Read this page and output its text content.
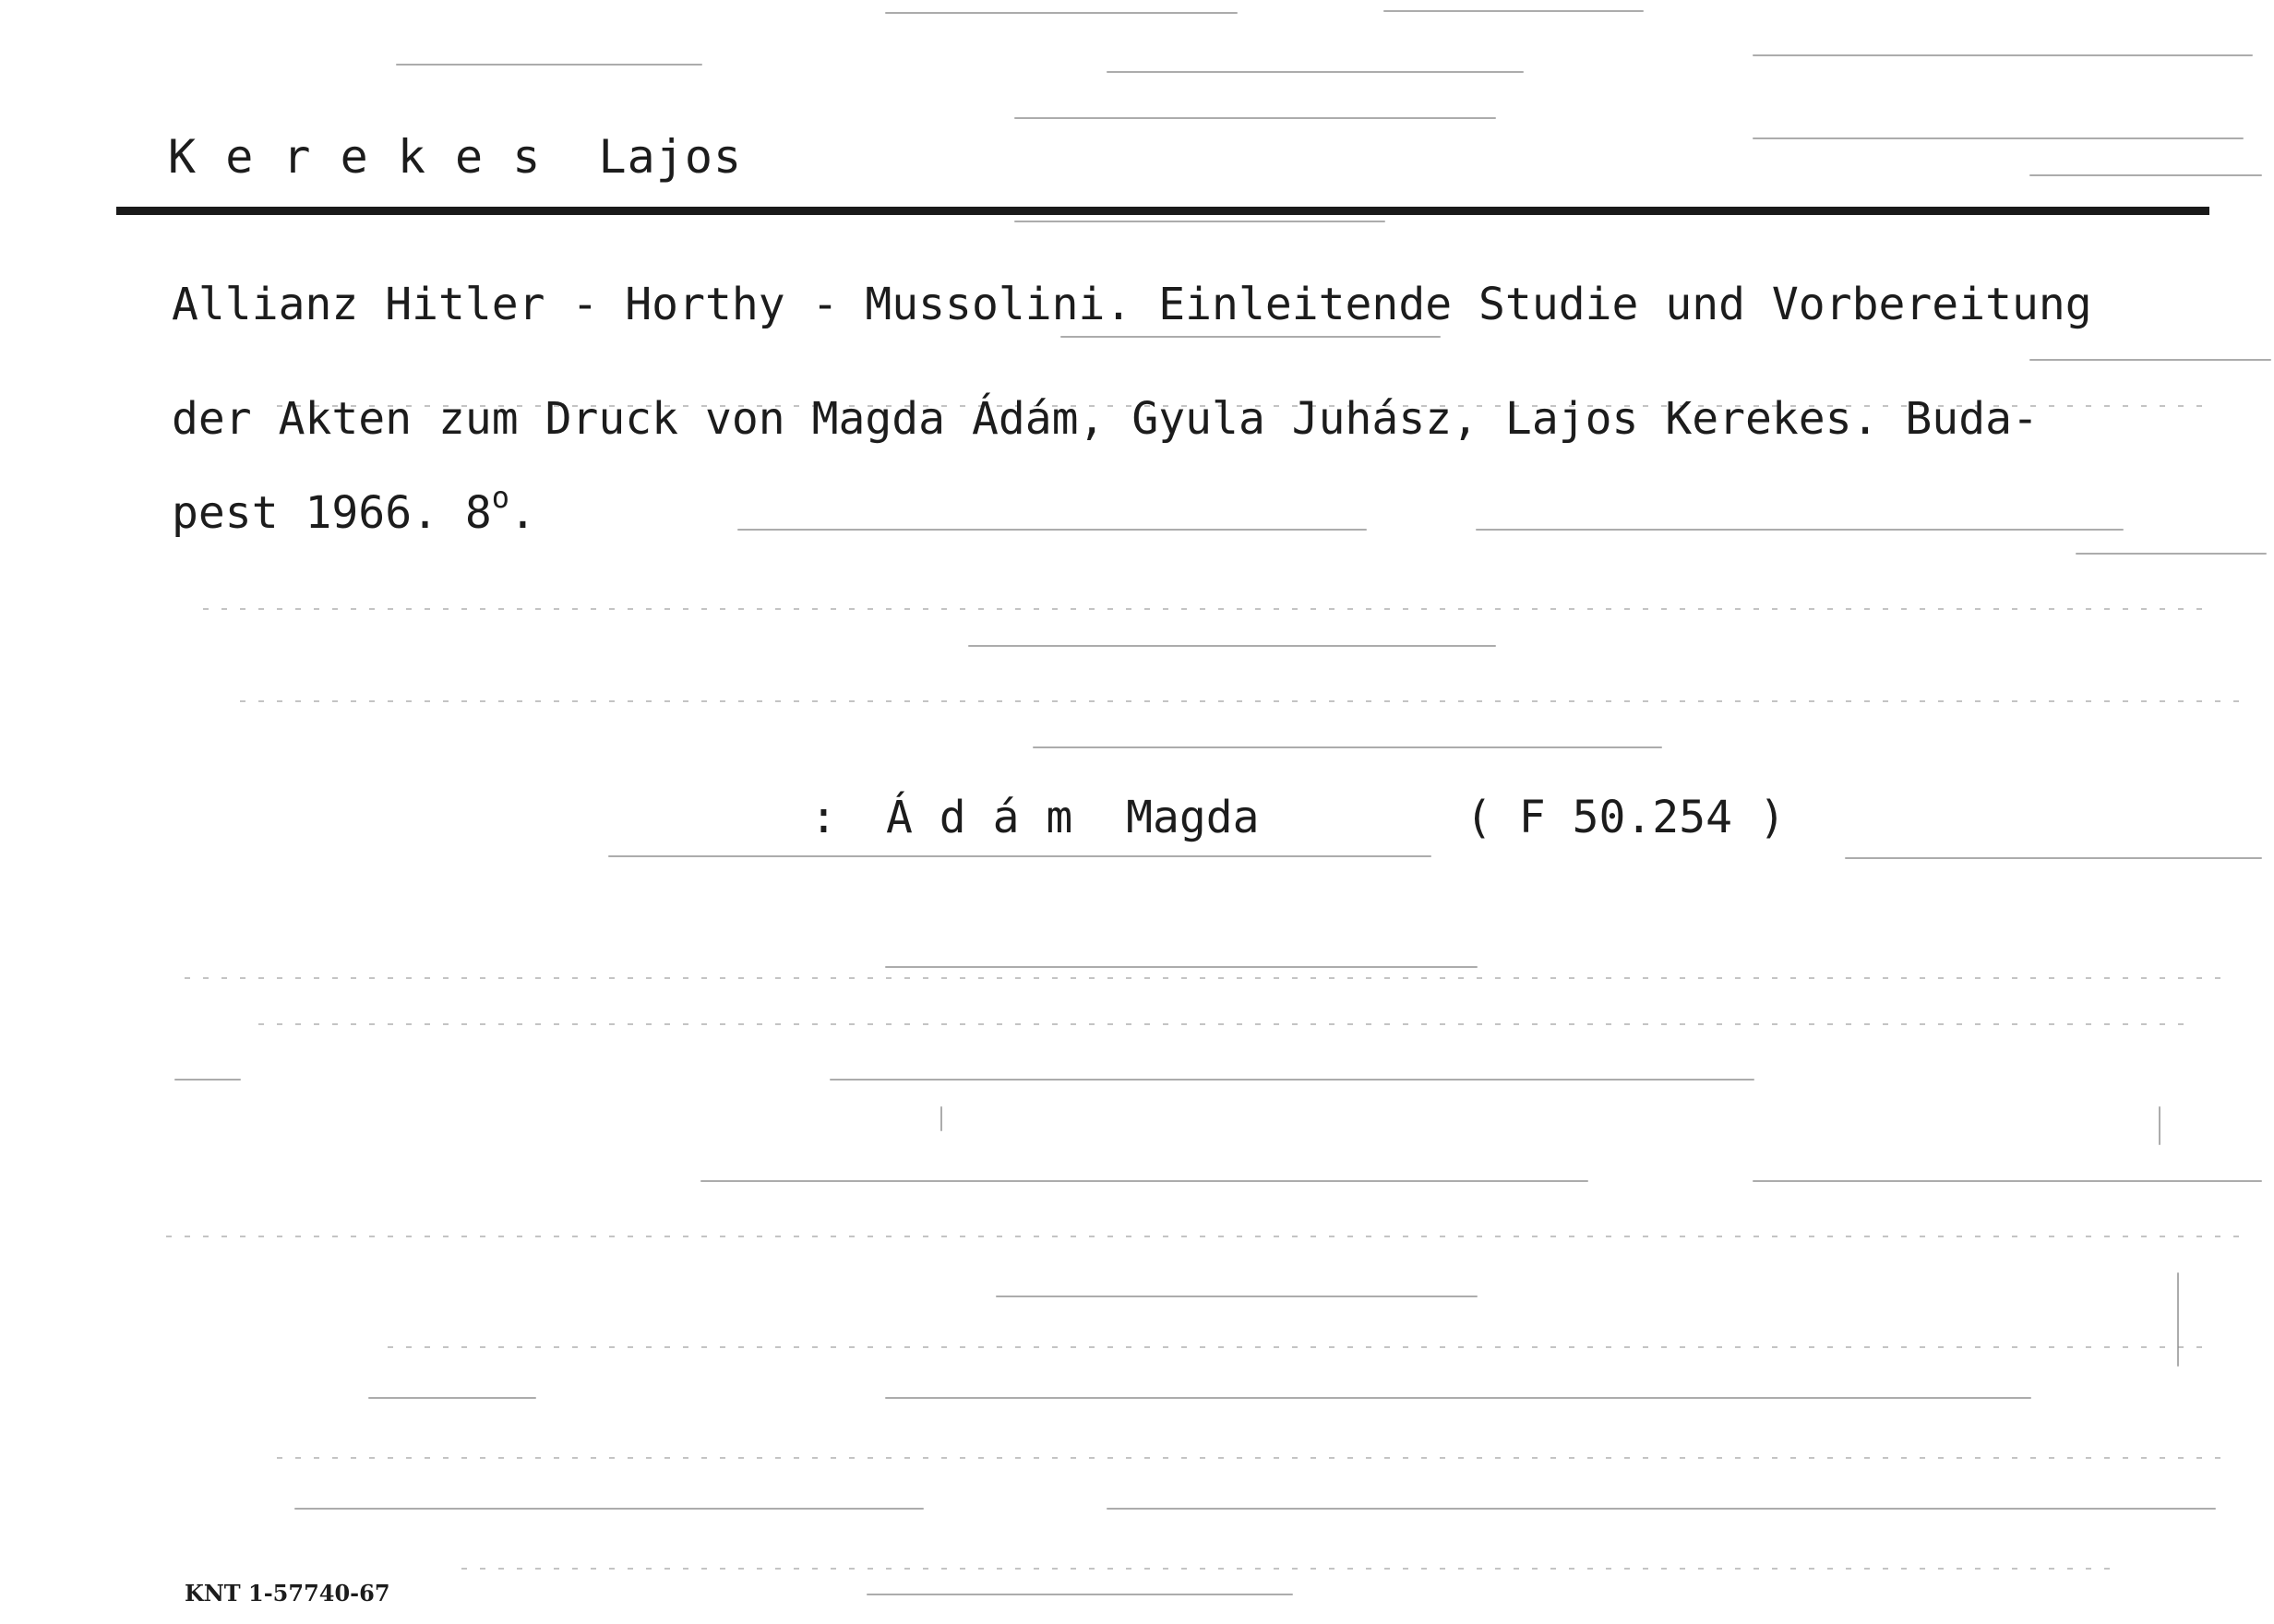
K e r e k e s  Lajos
Allianz Hitler - Horthy - Mussolini. Einleitende Studie und Vorbereitung
der Akten zum Druck von Magda Ádám, Gyula Juhász, Lajos Kerekes. Buda-
pest 1966. 8$^o$.
: Á d á m  Magda	( F 50.254 )
KNT 1-57740-67
